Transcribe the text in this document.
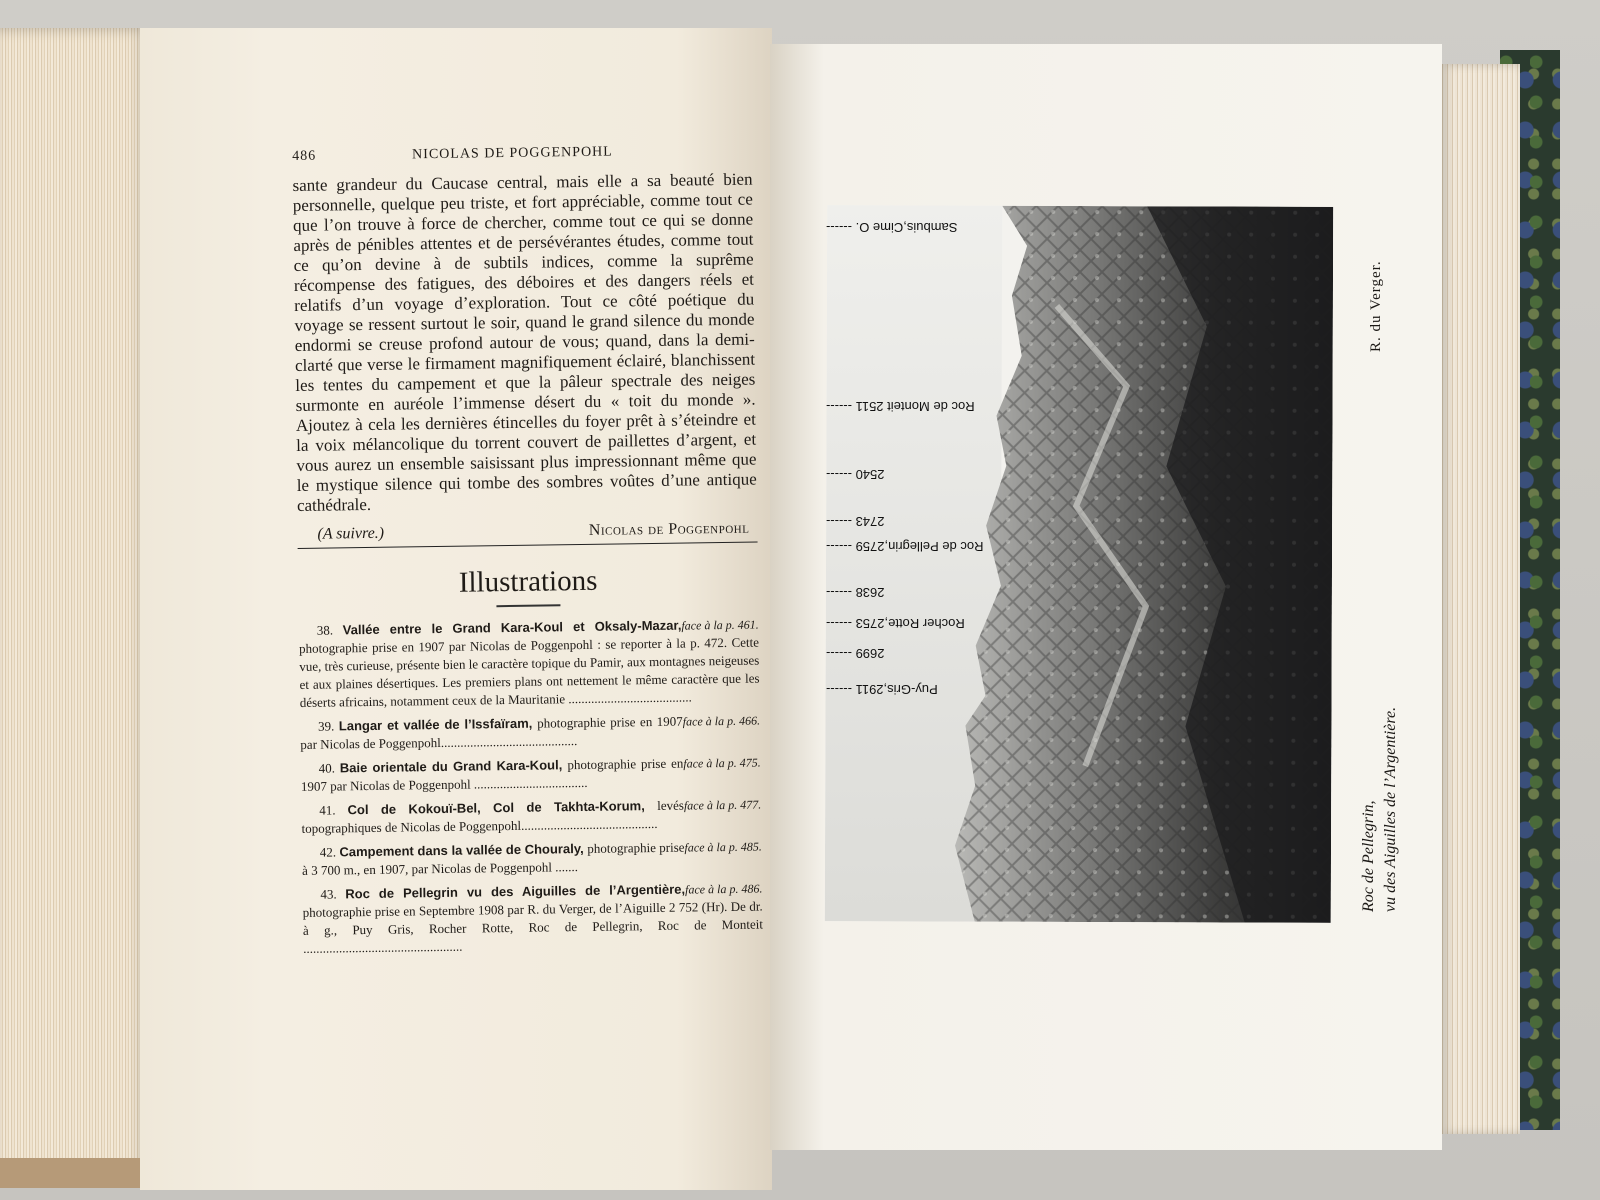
486	NICOLAS DE POGGENPOHL
sante grandeur du Caucase central, mais elle a sa beauté bien personnelle, quelque peu triste, et fort appréciable, comme tout ce que l’on trouve à force de chercher, comme tout ce qui se donne après de pénibles attentes et de persévérantes études, comme tout ce qu’on devine à de subtils indices, comme la suprême récompense des fatigues, des déboires et des dangers réels et relatifs d’un voyage d’exploration. Tout ce côté poétique du voyage se ressent surtout le soir, quand le grand silence du monde endormi se creuse profond autour de vous; quand, dans la demi-clarté que verse le firmament magnifiquement éclairé, blanchissent les tentes du campement et que la pâleur spectrale des neiges surmonte en auréole l’immense désert du « toit du monde ». Ajoutez à cela les dernières étincelles du foyer prêt à s’éteindre et la voix mélancolique du torrent couvert de paillettes d’argent, et vous aurez un ensemble saisissant plus impressionnant même que le mystique silence qui tombe des sombres voûtes d’une antique cathédrale.
(A suivre.)	Nicolas de Poggenpohl
Illustrations
face à la p. 461.
38. Vallée entre le Grand Kara-Koul et Oksaly-Mazar, photographie prise en 1907 par Nicolas de Poggenpohl : se reporter à la p. 472. Cette vue, très curieuse, présente bien le caractère topique du Pamir, aux montagnes neigeuses et aux plaines désertiques. Les premiers plans ont nettement le même caractère que les déserts africains, notamment ceux de la Mauritanie ......................................
face à la p. 466.
39. Langar et vallée de l’Issfaïram, photographie prise en 1907 par Nicolas de Poggenpohl..........................................
face à la p. 475.
40. Baie orientale du Grand Kara-Koul, photographie prise en 1907 par Nicolas de Poggenpohl ...................................
face à la p. 477.
41. Col de Kokouï-Bel, Col de Takhta-Korum, levés topographiques de Nicolas de Poggenpohl..........................................
face à la p. 485.
42. Campement dans la vallée de Chouraly, photographie prise à 3 700 m., en 1907, par Nicolas de Poggenpohl .......
face à la p. 486.
43. Roc de Pellegrin vu des Aiguilles de l’Argentière, photographie prise en Septembre 1908 par R. du Verger, de l’Aiguille 2 752 (Hr). De dr. à g., Puy Gris, Rocher Rotte, Roc de Pellegrin, Roc de Monteit .................................................
Sambuis,Cime O. ------
Roc de Monteit 2511 ------
2540 ------
2743 ------
Roc de Pellegrin,2759 ------
2638 ------
Rocher Rotte,2753 ------
2699 ------
Puy-Gris,2911 ------
Roc de Pellegrin, vu des Aiguilles de l’Argentière.
R. du Verger.
